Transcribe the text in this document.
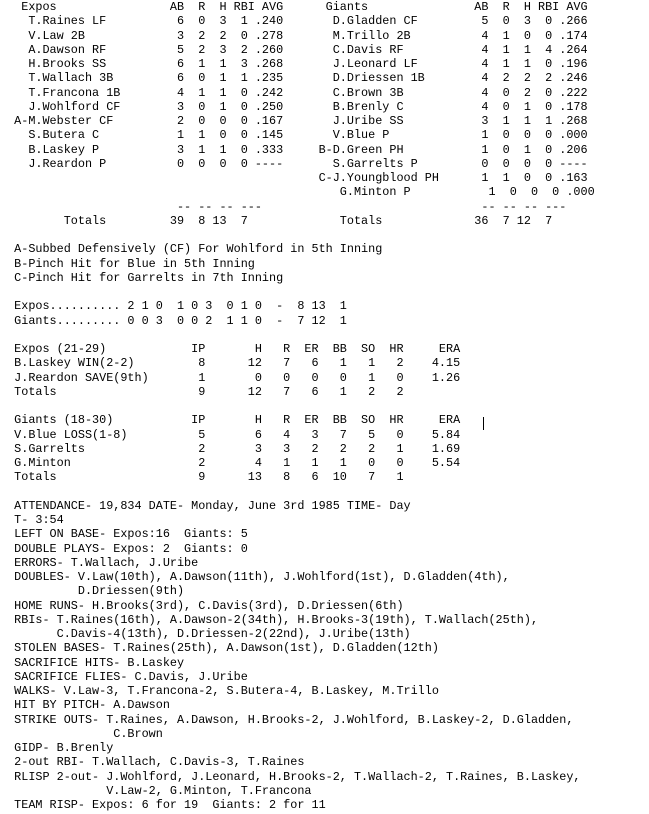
Expos                AB  R  H RBI AVG      Giants               AB  R  H RBI AVG
T.Raines LF          6  0  3  1 .240       D.Gladden CF         5  0  3  0 .266
V.Law 2B             3  2  2  0 .278       M.Trillo 2B          4  1  0  0 .174
A.Dawson RF          5  2  3  2 .260       C.Davis RF           4  1  1  4 .264
H.Brooks SS          6  1  1  3 .268       J.Leonard LF         4  1  1  0 .196
T.Wallach 3B         6  0  1  1 .235       D.Driessen 1B        4  2  2  2 .246
T.Francona 1B        4  1  1  0 .242       C.Brown 3B           4  0  2  0 .222
J.Wohlford CF        3  0  1  0 .250       B.Brenly C           4  0  1  0 .178
A-M.Webster CF         2  0  0  0 .167       J.Uribe SS           3  1  1  1 .268
S.Butera C           1  1  0  0 .145       V.Blue P             1  0  0  0 .000
B.Laskey P           3  1  1  0 .333     B-D.Green PH           1  0  1  0 .206
J.Reardon P          0  0  0  0 ----       S.Garrelts P         0  0  0  0 ----
C-J.Youngblood PH      1  1  0  0 .163
G.Minton P           1  0  0  0 .000
-- -- -- ---                               -- -- -- ---
Totals         39  8 13  7             Totals             36  7 12  7
A-Subbed Defensively (CF) For Wohlford in 5th Inning
B-Pinch Hit for Blue in 5th Inning
C-Pinch Hit for Garrelts in 7th Inning
Expos.......... 2 1 0  1 0 3  0 1 0  -  8 13  1
Giants......... 0 0 3  0 0 2  1 1 0  -  7 12  1
Expos (21-29)            IP       H   R  ER  BB  SO  HR     ERA
B.Laskey WIN(2-2)         8      12   7   6   1   1   2    4.15
J.Reardon SAVE(9th)       1       0   0   0   0   1   0    1.26
Totals                    9      12   7   6   1   2   2
Giants (18-30)           IP       H   R  ER  BB  SO  HR     ERA
V.Blue LOSS(1-8)          5       6   4   3   7   5   0    5.84
S.Garrelts                2       3   3   2   2   2   1    1.69
G.Minton                  2       4   1   1   1   0   0    5.54
Totals                    9      13   8   6  10   7   1
ATTENDANCE- 19,834 DATE- Monday, June 3rd 1985 TIME- Day
T- 3:54
LEFT ON BASE- Expos:16  Giants: 5
DOUBLE PLAYS- Expos: 2  Giants: 0
ERRORS- T.Wallach, J.Uribe
DOUBLES- V.Law(10th), A.Dawson(11th), J.Wohlford(1st), D.Gladden(4th),
D.Driessen(9th)
HOME RUNS- H.Brooks(3rd), C.Davis(3rd), D.Driessen(6th)
RBIs- T.Raines(16th), A.Dawson-2(34th), H.Brooks-3(19th), T.Wallach(25th),
C.Davis-4(13th), D.Driessen-2(22nd), J.Uribe(13th)
STOLEN BASES- T.Raines(25th), A.Dawson(1st), D.Gladden(12th)
SACRIFICE HITS- B.Laskey
SACRIFICE FLIES- C.Davis, J.Uribe
WALKS- V.Law-3, T.Francona-2, S.Butera-4, B.Laskey, M.Trillo
HIT BY PITCH- A.Dawson
STRIKE OUTS- T.Raines, A.Dawson, H.Brooks-2, J.Wohlford, B.Laskey-2, D.Gladden,
C.Brown
GIDP- B.Brenly
2-out RBI- T.Wallach, C.Davis-3, T.Raines
RLISP 2-out- J.Wohlford, J.Leonard, H.Brooks-2, T.Wallach-2, T.Raines, B.Laskey,
V.Law-2, G.Minton, T.Francona
TEAM RISP- Expos: 6 for 19  Giants: 2 for 11
